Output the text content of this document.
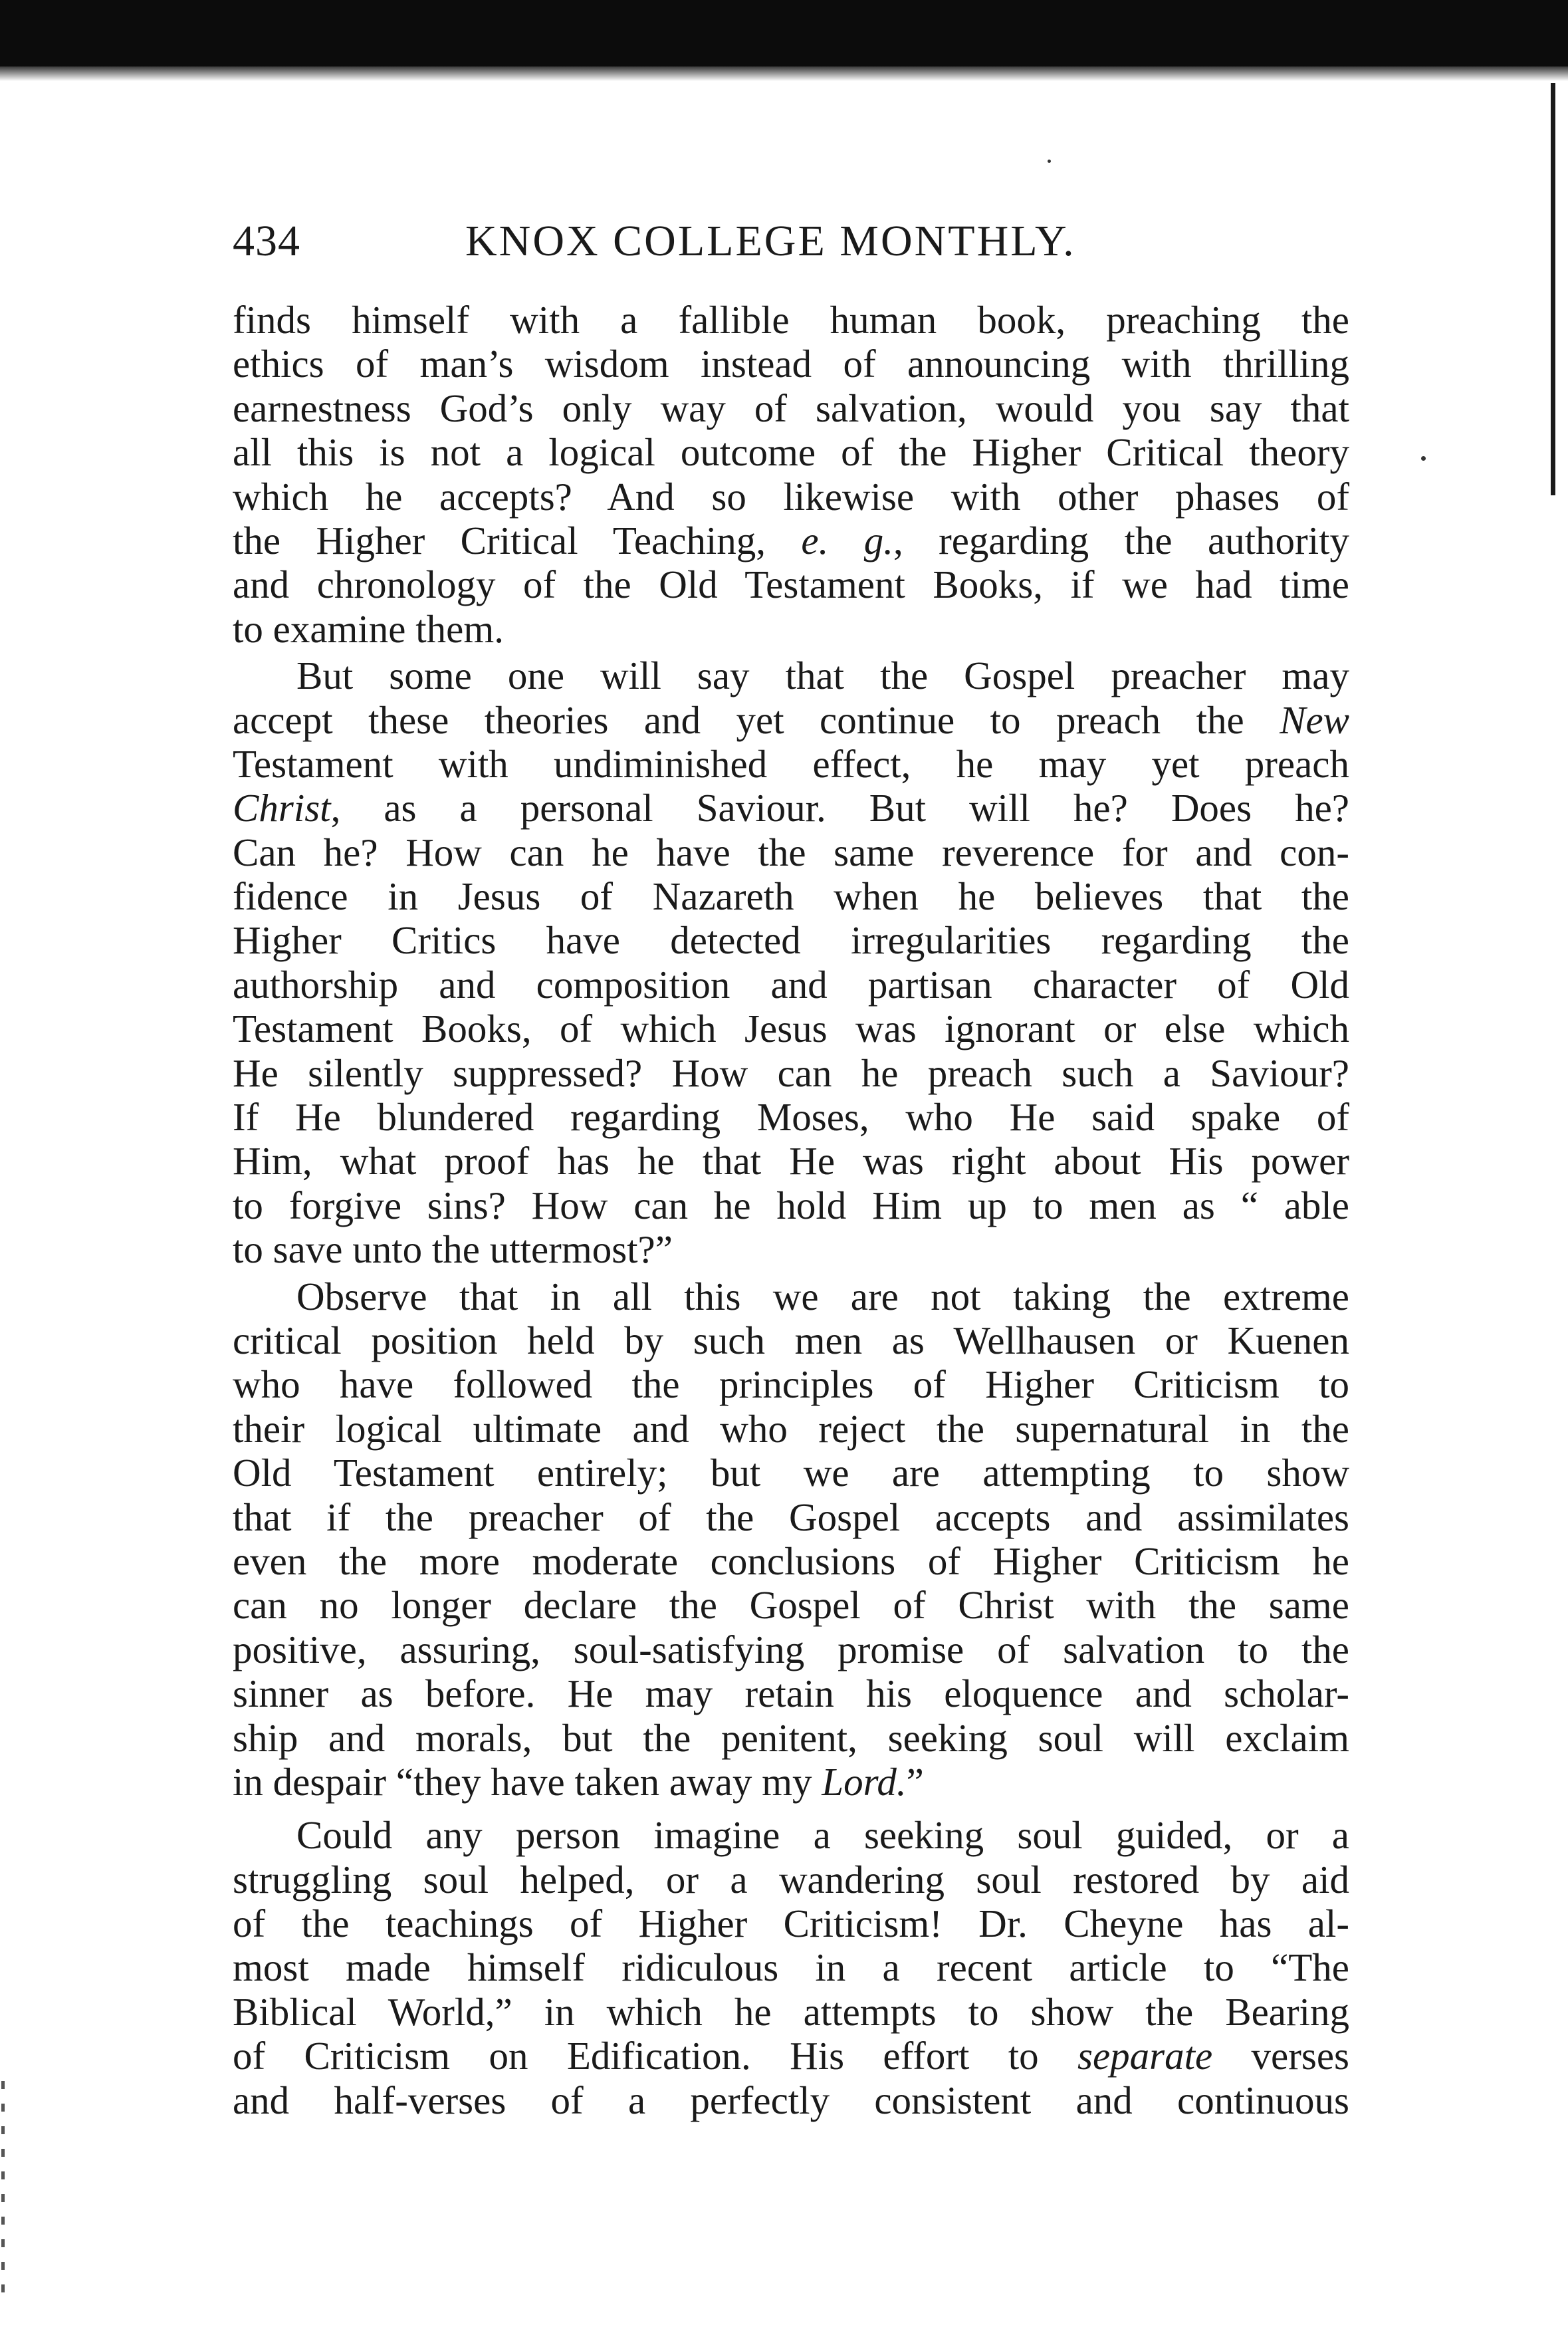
434	KNOX COLLEGE MONTHLY.
finds himself with a fallible human book, preaching the
ethics of man’s wisdom instead of announcing with thrilling
earnestness God’s only way of salvation, would you say that
all this is not a logical outcome of the Higher Critical theory
which he accepts? And so likewise with other phases of
the Higher Critical Teaching, e. g., regarding the authority
and chronology of the Old Testament Books, if we had time
to examine them.
But some one will say that the Gospel preacher may
accept these theories and yet continue to preach the New
Testament with undiminished effect, he may yet preach
Christ, as a personal Saviour. But will he? Does he?
Can he? How can he have the same reverence for and con-
fidence in Jesus of Nazareth when he believes that the
Higher Critics have detected irregularities regarding the
authorship and composition and partisan character of Old
Testament Books, of which Jesus was ignorant or else which
He silently suppressed? How can he preach such a Saviour?
If He blundered regarding Moses, who He said spake of
Him, what proof has he that He was right about His power
to forgive sins? How can he hold Him up to men as “ able
to save unto the uttermost?”
Observe that in all this we are not taking the extreme
critical position held by such men as Wellhausen or Kuenen
who have followed the principles of Higher Criticism to
their logical ultimate and who reject the supernatural in the
Old Testament entirely; but we are attempting to show
that if the preacher of the Gospel accepts and assimilates
even the more moderate conclusions of Higher Criticism he
can no longer declare the Gospel of Christ with the same
positive, assuring, soul-satisfying promise of salvation to the
sinner as before. He may retain his eloquence and scholar-
ship and morals, but the penitent, seeking soul will exclaim
in despair “they have taken away my Lord.”
Could any person imagine a seeking soul guided, or a
struggling soul helped, or a wandering soul restored by aid
of the teachings of Higher Criticism! Dr. Cheyne has al-
most made himself ridiculous in a recent article to “The
Biblical World,” in which he attempts to show the Bearing
of Criticism on Edification. His effort to separate verses
and half-verses of a perfectly consistent and continuous
